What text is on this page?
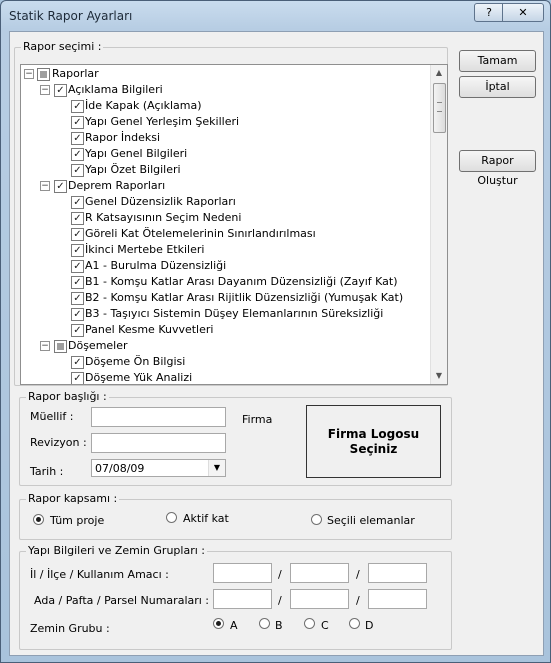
Statik Rapor Ayarları	?	✕
Rapor seçimi :
✓ Döşeme Yük Analizi
✓ Döşeme Ön Bilgisi
− Döşemeler
✓ Panel Kesme Kuvvetleri
✓ B3 - Taşıyıcı Sistemin Düşey Elemanlarının Süreksizliği
✓ B2 - Komşu Katlar Arası Rijitlik Düzensizliği (Yumuşak Kat)
✓ B1 - Komşu Katlar Arası Dayanım Düzensizliği (Zayıf Kat)
✓ A1 - Burulma Düzensizliği
✓ İkinci Mertebe Etkileri
✓ Göreli Kat Ötelemelerinin Sınırlandırılması
✓ R Katsayısının Seçim Nedeni
✓ Genel Düzensizlik Raporları
− ✓ Deprem Raporları
✓ Yapı Özet Bilgileri
✓ Yapı Genel Bilgileri
✓ Rapor İndeksi
✓ Yapı Genel Yerleşim Şekilleri
✓ İde Kapak (Açıklama)
− ✓ Açıklama Bilgileri
− Raporlar	▲
▼
Tamam
İptal
Rapor Oluştur
Rapor başlığı :
Müellif :
Revizyon :
Tarih :	07/08/09	▼
Firma
Firma Logosu Seçiniz
Rapor kapsamı :
Tüm proje	Aktif kat	Seçili elemanlar
Yapı Bilgileri ve Zemin Grupları :
İl / İlçe / Kullanım Amacı :	/	/
Ada / Pafta / Parsel Numaraları :	/	/
Zemin Grubu :	A	B	C	D
